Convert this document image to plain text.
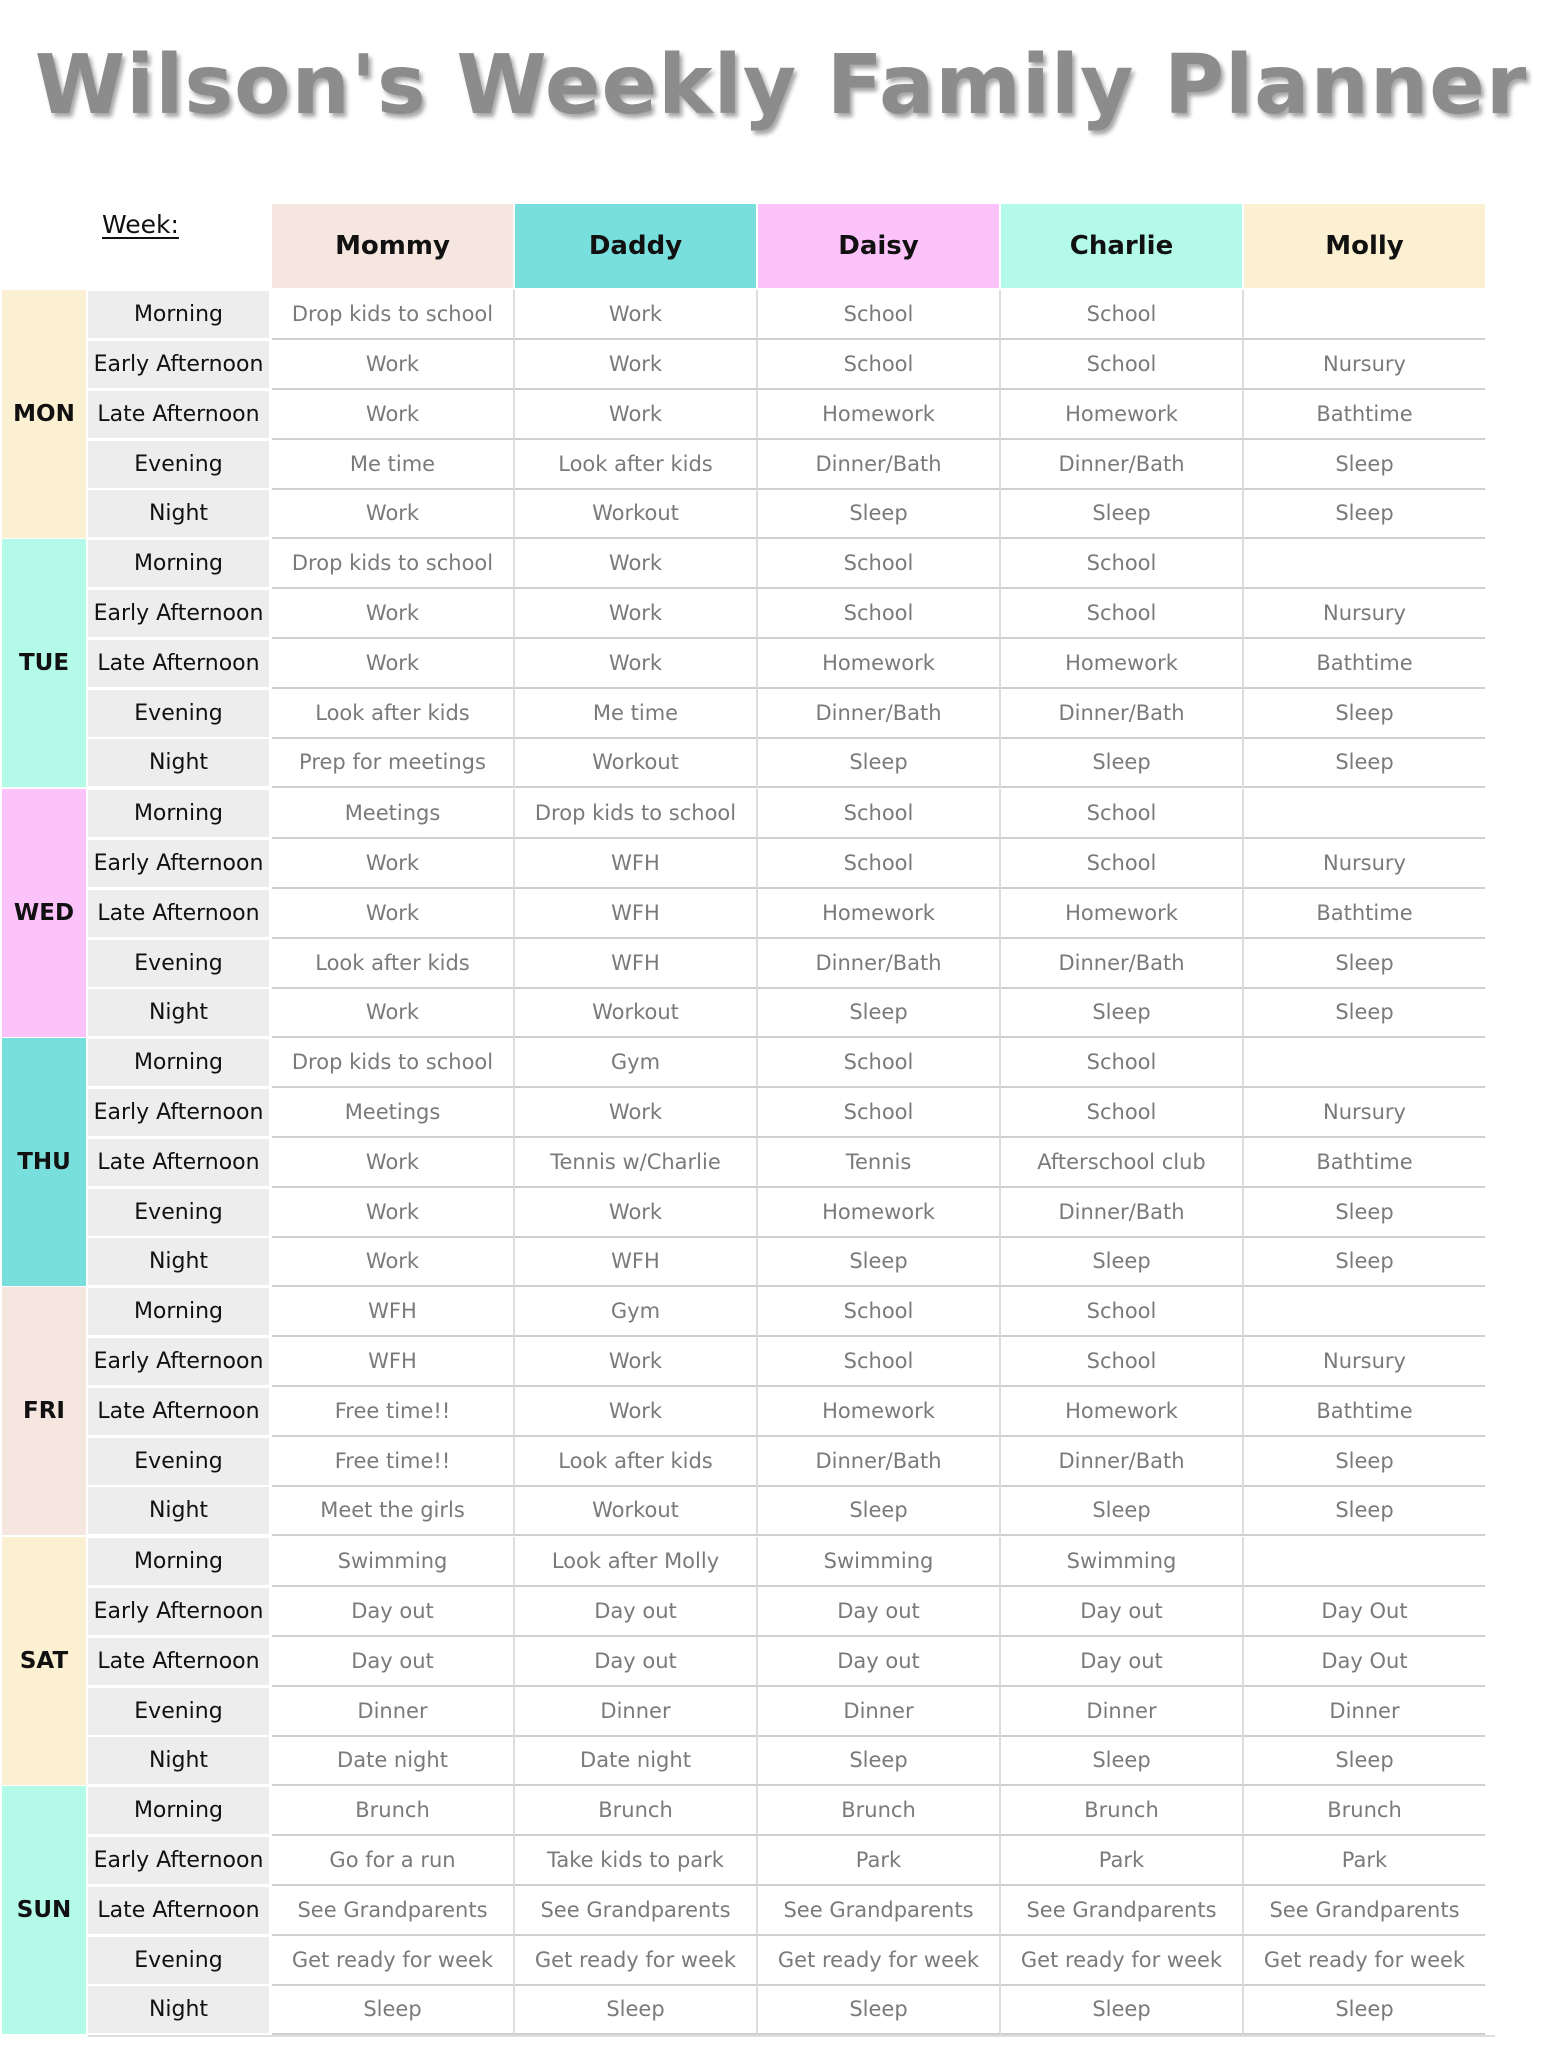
Wilson's Weekly Family Planner
Week:
Mommy	Daddy	Daisy	Charlie	Molly
MON
Morning	Drop kids to school	Work	School	School
Early Afternoon	Work	Work	School	School	Nursury
Late Afternoon	Work	Work	Homework	Homework	Bathtime
Evening	Me time	Look after kids	Dinner/Bath	Dinner/Bath	Sleep
Night	Work	Workout	Sleep	Sleep	Sleep
TUE
Morning	Drop kids to school	Work	School	School
Early Afternoon	Work	Work	School	School	Nursury
Late Afternoon	Work	Work	Homework	Homework	Bathtime
Evening	Look after kids	Me time	Dinner/Bath	Dinner/Bath	Sleep
Night	Prep for meetings	Workout	Sleep	Sleep	Sleep
WED
Morning	Meetings	Drop kids to school	School	School
Early Afternoon	Work	WFH	School	School	Nursury
Late Afternoon	Work	WFH	Homework	Homework	Bathtime
Evening	Look after kids	WFH	Dinner/Bath	Dinner/Bath	Sleep
Night	Work	Workout	Sleep	Sleep	Sleep
THU
Morning	Drop kids to school	Gym	School	School
Early Afternoon	Meetings	Work	School	School	Nursury
Late Afternoon	Work	Tennis w/Charlie	Tennis	Afterschool club	Bathtime
Evening	Work	Work	Homework	Dinner/Bath	Sleep
Night	Work	WFH	Sleep	Sleep	Sleep
FRI
Morning	WFH	Gym	School	School
Early Afternoon	WFH	Work	School	School	Nursury
Late Afternoon	Free time!!	Work	Homework	Homework	Bathtime
Evening	Free time!!	Look after kids	Dinner/Bath	Dinner/Bath	Sleep
Night	Meet the girls	Workout	Sleep	Sleep	Sleep
SAT
Morning	Swimming	Look after Molly	Swimming	Swimming
Early Afternoon	Day out	Day out	Day out	Day out	Day Out
Late Afternoon	Day out	Day out	Day out	Day out	Day Out
Evening	Dinner	Dinner	Dinner	Dinner	Dinner
Night	Date night	Date night	Sleep	Sleep	Sleep
SUN
Morning	Brunch	Brunch	Brunch	Brunch	Brunch
Early Afternoon	Go for a run	Take kids to park	Park	Park	Park
Late Afternoon	See Grandparents	See Grandparents	See Grandparents	See Grandparents	See Grandparents
Evening	Get ready for week	Get ready for week	Get ready for week	Get ready for week	Get ready for week
Night	Sleep	Sleep	Sleep	Sleep	Sleep
